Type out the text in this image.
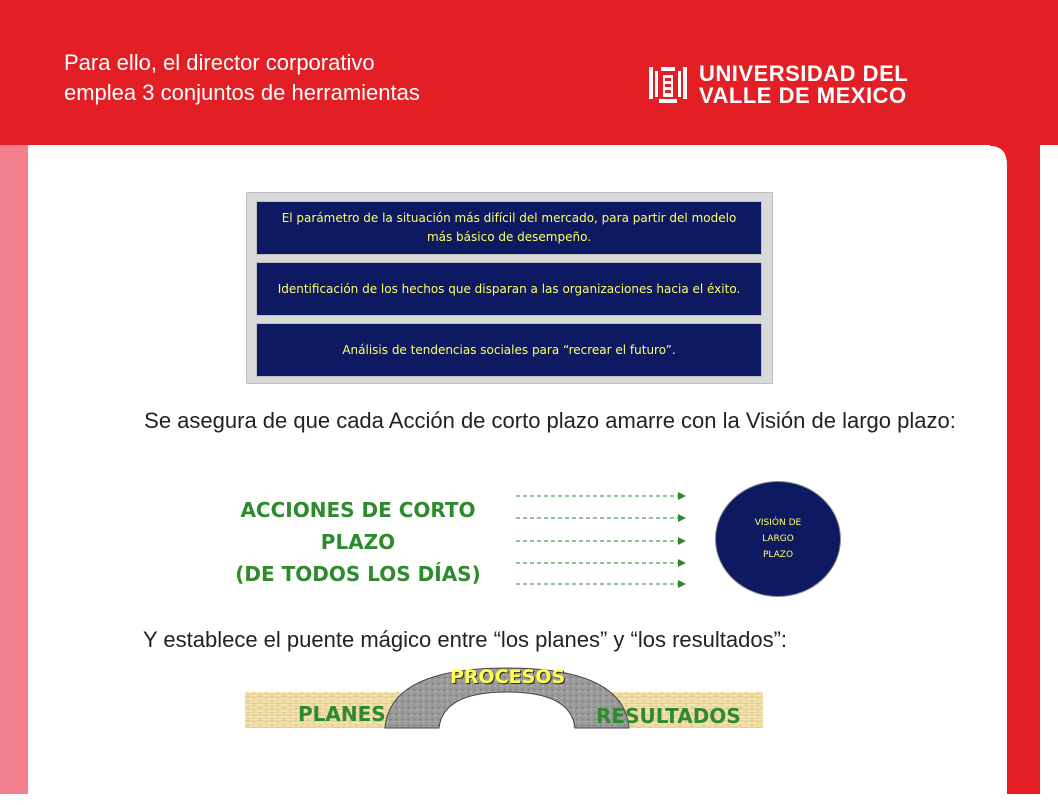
Para ello, el director corporativo
emplea 3 conjuntos de herramientas
UNIVERSIDAD DEL
VALLE DE MEXICO
El parámetro de la situación más difícil del mercado, para partir del modelo más básico de desempeño.
Identificación de los hechos que disparan a las organizaciones hacia el éxito.
Análisis de tendencias sociales para “recrear el futuro”.
Se asegura de que cada Acción de corto plazo amarre con la Visión de largo plazo:
ACCIONES DE CORTO
PLAZO
(DE TODOS LOS DÍAS)
VISIÓN DE LARGO PLAZO
Y establece el puente mágico entre “los planes” y “los resultados”:
PLANES
PROCESOS
RESULTADOS
